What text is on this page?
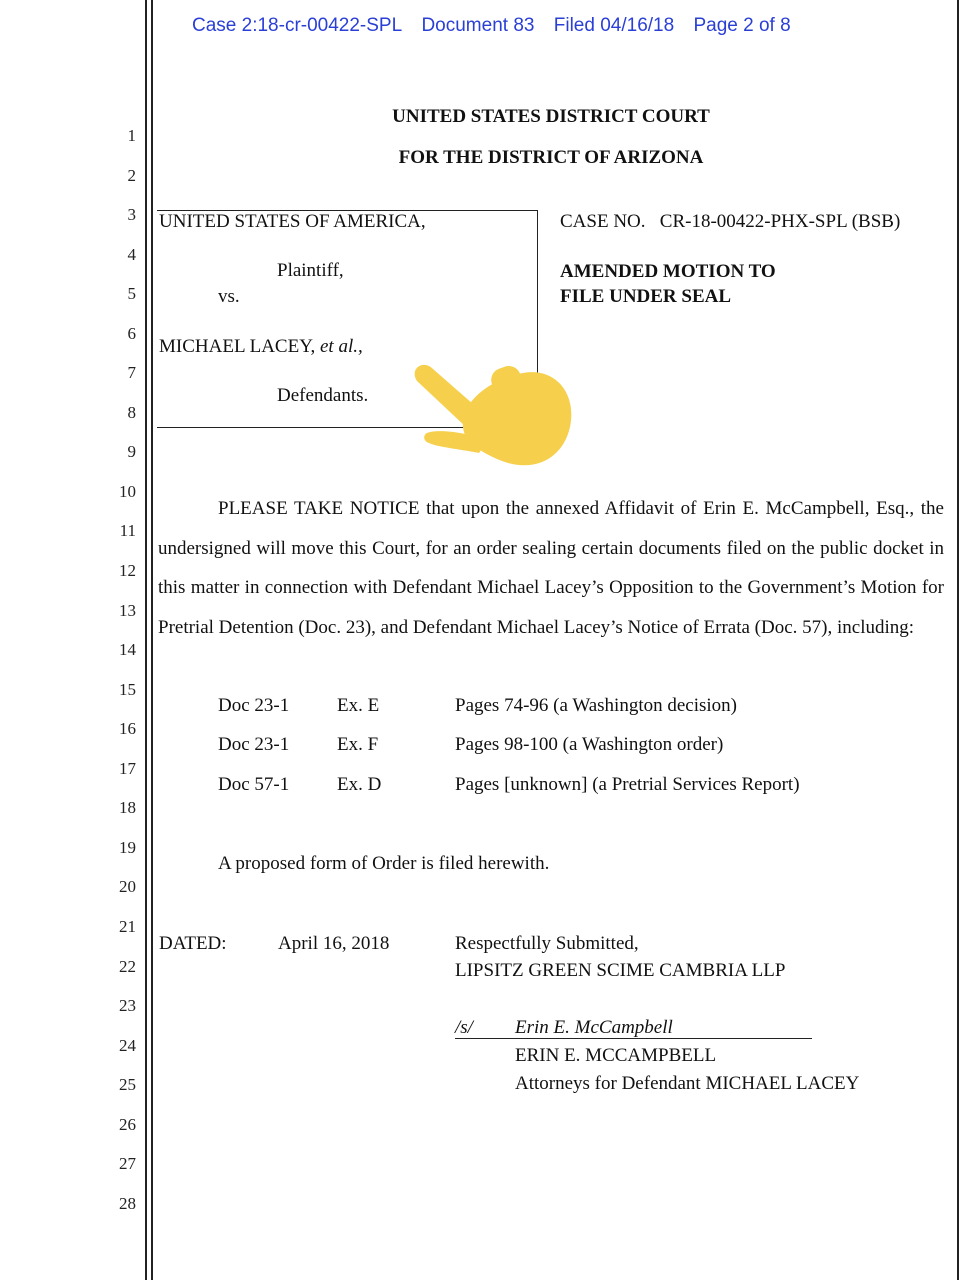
Case 2:18-cr-00422-SPL Document 83 Filed 04/16/18 Page 2 of 8
1
2
3
4
5
6
7
8
9
10
11
12
13
14
15
16
17
18
19
20
21
22
23
24
25
26
27
28
UNITED STATES DISTRICT COURT
FOR THE DISTRICT OF ARIZONA
UNITED STATES OF AMERICA,
Plaintiff,
vs.
MICHAEL LACEY, et al.,
Defendants.
CASE NO. CR-18-00422-PHX-SPL (BSB)
AMENDED MOTION TO
FILE UNDER SEAL
PLEASE TAKE NOTICE that upon the annexed Affidavit of Erin E. McCampbell, Esq., the undersigned will move this Court, for an order sealing certain documents filed on the public docket in this matter in connection with Defendant Michael Lacey’s Opposition to the Government’s Motion for Pretrial Detention (Doc. 23), and Defendant Michael Lacey’s Notice of Errata (Doc. 57), including:
Doc 23-1	Ex. E	Pages 74-96 (a Washington decision)
Doc 23-1	Ex. F	Pages 98-100 (a Washington order)
Doc 57-1	Ex. D	Pages [unknown] (a Pretrial Services Report)
A proposed form of Order is filed herewith.
DATED:	April 16, 2018	Respectfully Submitted,
LIPSITZ GREEN SCIME CAMBRIA LLP
/s/ Erin E. McCampbell
ERIN E. MCCAMPBELL
Attorneys for Defendant MICHAEL LACEY
